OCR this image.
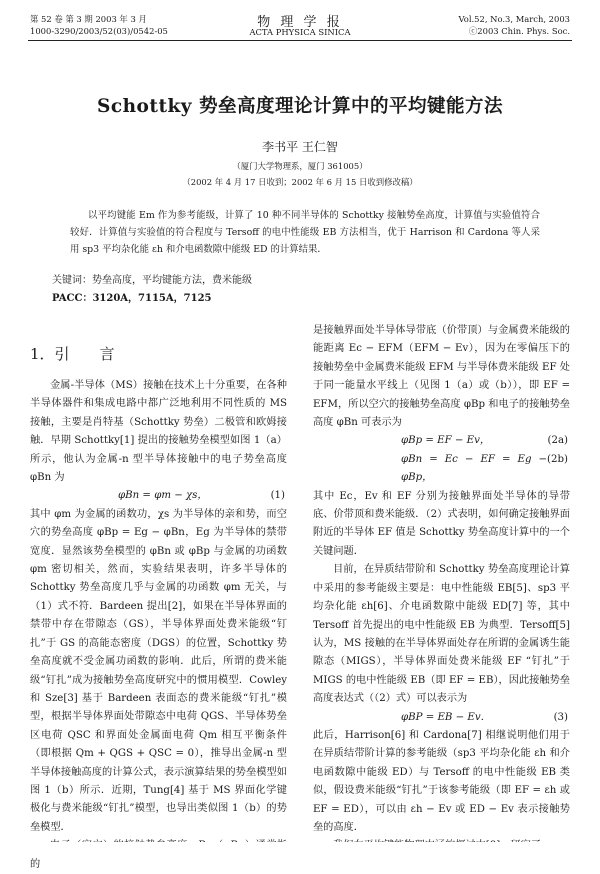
第 52 卷 第 3 期 2003 年 3 月
1000-3290/2003/52(03)/0542-05
物 理 学 报
ACTA PHYSICA SINICA
Vol.52, No.3, March, 2003
ⓒ2003 Chin. Phys. Soc.
Schottky 势垒高度理论计算中的平均键能方法
李书平 王仁智
（厦门大学物理系，厦门 361005）
（2002 年 4 月 17 日收到；2002 年 6 月 15 日收到修改稿）
以平均键能 Em 作为参考能级，计算了 10 种不同半导体的 Schottky 接触势垒高度，计算值与实验值符合较好．计算值与实验值的符合程度与 Tersoff 的电中性能级 EB 方法相当，优于 Harrison 和 Cardona 等人采用 sp3 平均杂化能 εh 和介电函数隙中能级 ED 的计算结果．
关键词：势垒高度，平均键能方法，费米能级
PACC：3120A，7115A，7125
1．引　　言

金属-半导体（MS）接触在技术上十分重要，在各种半导体器件和集成电路中都广泛地利用不同性质的 MS 接触，主要是肖特基（Schottky 势垒）二极管和欧姆接触．早期 Schottky[1] 提出的接触势垒模型如图 1（a）所示，他认为金属-n 型半导体接触中的电子势垒高度 φBn 为

φBn = φm − χs，	(1)

其中 φm 为金属的函数功，χs 为半导体的亲和势，而空穴的势垒高度 φBp = Eg − φBn，Eg 为半导体的禁带宽度．显然该势垒模型的 φBn 或 φBp 与金属的功函数 φm 密切相关，然而，实验结果表明，许多半导体的 Schottky 势垒高度几乎与金属的功函数 φm 无关，与（1）式不符．Bardeen 提出[2]，如果在半导体界面的禁带中存在带隙态（GS），半导体界面处费米能级“钉扎”于 GS 的高能态密度（DGS）的位置，Schottky 势垒高度就不受金属功函数的影响．此后，所谓的费米能级“钉扎”成为接触势垒高度研究中的惯用模型．Cowley 和 Sze[3] 基于 Bardeen 表面态的费米能级“钉扎”模型，根据半导体界面处带隙态中电荷 QGS、半导体势垒区电荷 QSC 和界面处金属面电荷 Qm 相互平衡条件（即根据 Qm + QGS + QSC = 0），推导出金属-n 型半导体接触高度的计算公式，表示演算结果的势垒模型如图 1（b）所示．近期，Tung[4] 基于 MS 界面化学键极化与费米能级“钉扎”模型，也导出类似图 1（b）的势垒模型．

的

是接触界面处半导体导带底（价带顶）与金属费米能级的能距离 Ec − EFM（EFM − Ev），因为在零偏压下的接触势垒中金属费米能级 EFM 与半导体费米能级 EF 处于同一能量水平线上（见图 1（a）或（b）），即 EF = EFM，所以空穴的接触势垒高度 φBp 和电子的接触势垒高度 φBn 可表示为

φBp = EF − Ev，	(2a)
φBn = Ec − EF = Eg − φBp，
(2b)

其中 Ec，Ev 和 EF 分别为接触界面处半导体的导带底、价带顶和费米能级．（2）式表明，如何确定接触界面附近的半导体 EF 值是 Schottky 势垒高度计算中的一个关键问题．

目前，在异质结带阶和 Schottky 势垒高度理论计算中采用的参考能级主要是：电中性能级 EB[5]、sp3 平均杂化能 εh[6]、介电函数隙中能级 ED[7] 等，其中 Tersoff 首先提出的电中性能级 EB 为典型．Tersoff[5] 认为，MS 接触的在半导体界面处存在所谓的金属诱生能隙态（MIGS），半导体界面处费米能级 EF “钉扎”于 MIGS 的电中性能级 EB（即 EF = EB），因此接触势垒高度表达式（（2）式）可以表示为

φBP = EB − Ev．	(3)

此后，Harrison[6] 和 Cardona[7] 相继说明他们用于在异质结带阶计算的参考能级（sp3 平均杂化能 εh 和介电函数隙中能级 ED）与 Tersoff 的电中性能级 EB 类似，假设费米能级“钉扎”于该参考能级（即 EF = εh 或 EF = ED），可以由 εh − Ev 或 ED − Ev 表示接触势垒的高度．
